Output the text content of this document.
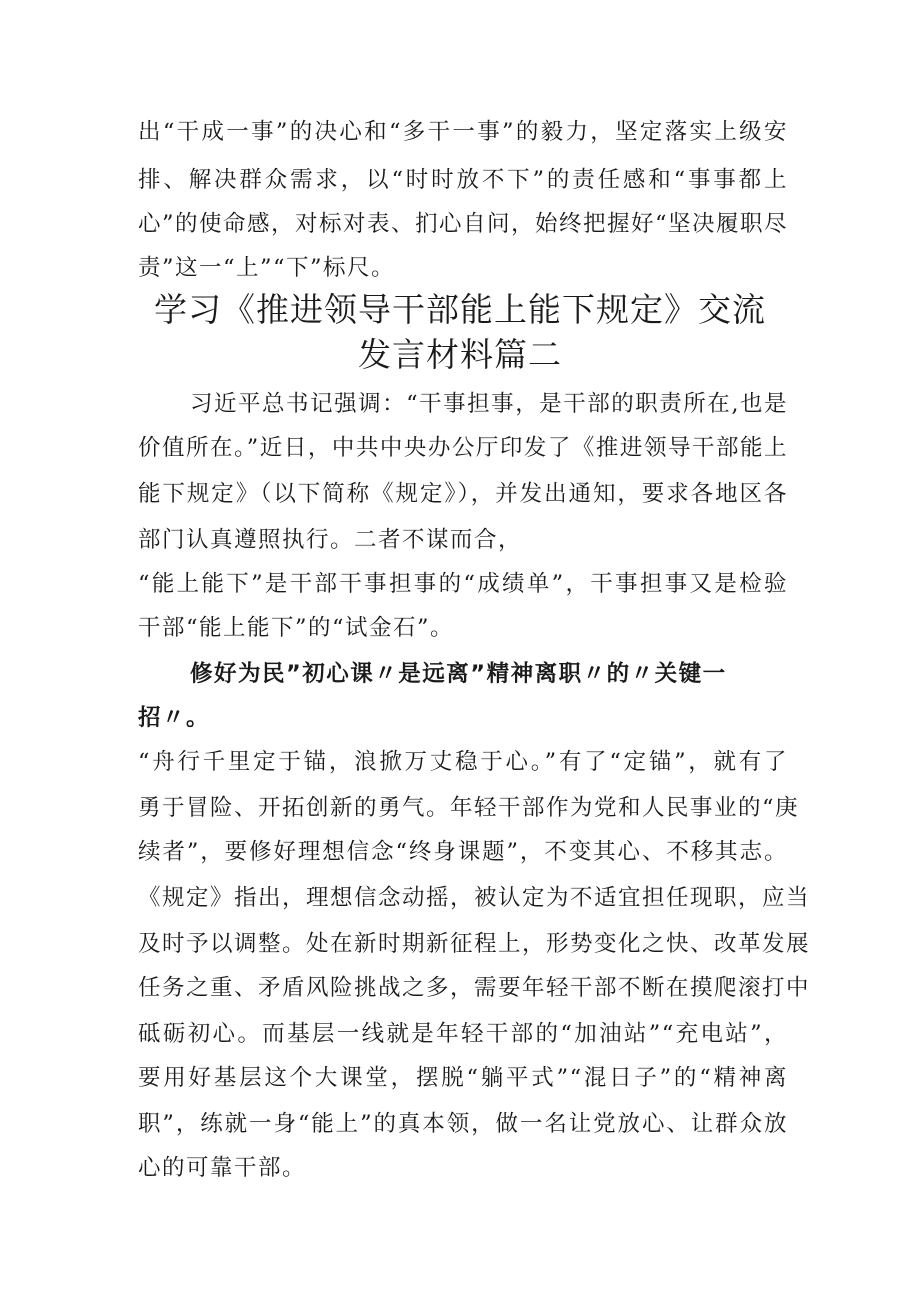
出“干成一事”的决心和“多干一事”的毅力，坚定落实上级安
排、解决群众需求，以“时时放不下”的责任感和“事事都上
心”的使命感，对标对表、扪心自问，始终把握好“坚决履职尽
责”这一“上”“下”标尺。
学习《推进领导干部能上能下规定》交流
发言材料篇二
习近平总书记强调：“干事担事，是干部的职责所在,也是
价值所在。”近日，中共中央办公厅印发了《推进领导干部能上
能下规定》（以下简称《规定》），并发出通知，要求各地区各
部门认真遵照执行。二者不谋而合，
“能上能下”是干部干事担事的“成绩单”，干事担事又是检验
干部“能上能下”的“试金石”。
修好为民”初心课〃是远离”精神离职〃的〃关键一
招〃。
“舟行千里定于锚，浪掀万丈稳于心。”有了“定锚”，就有了
勇于冒险、开拓创新的勇气。年轻干部作为党和人民事业的“庚
续者”，要修好理想信念“终身课题”，不变其心、不移其志。
《规定》指出，理想信念动摇，被认定为不适宜担任现职，应当
及时予以调整。处在新时期新征程上，形势变化之快、改革发展
任务之重、矛盾风险挑战之多，需要年轻干部不断在摸爬滚打中
砥砺初心。而基层一线就是年轻干部的“加油站”“充电站”，
要用好基层这个大课堂，摆脱“躺平式”“混日子”的“精神离
职”，练就一身“能上”的真本领，做一名让党放心、让群众放
心的可靠干部。
